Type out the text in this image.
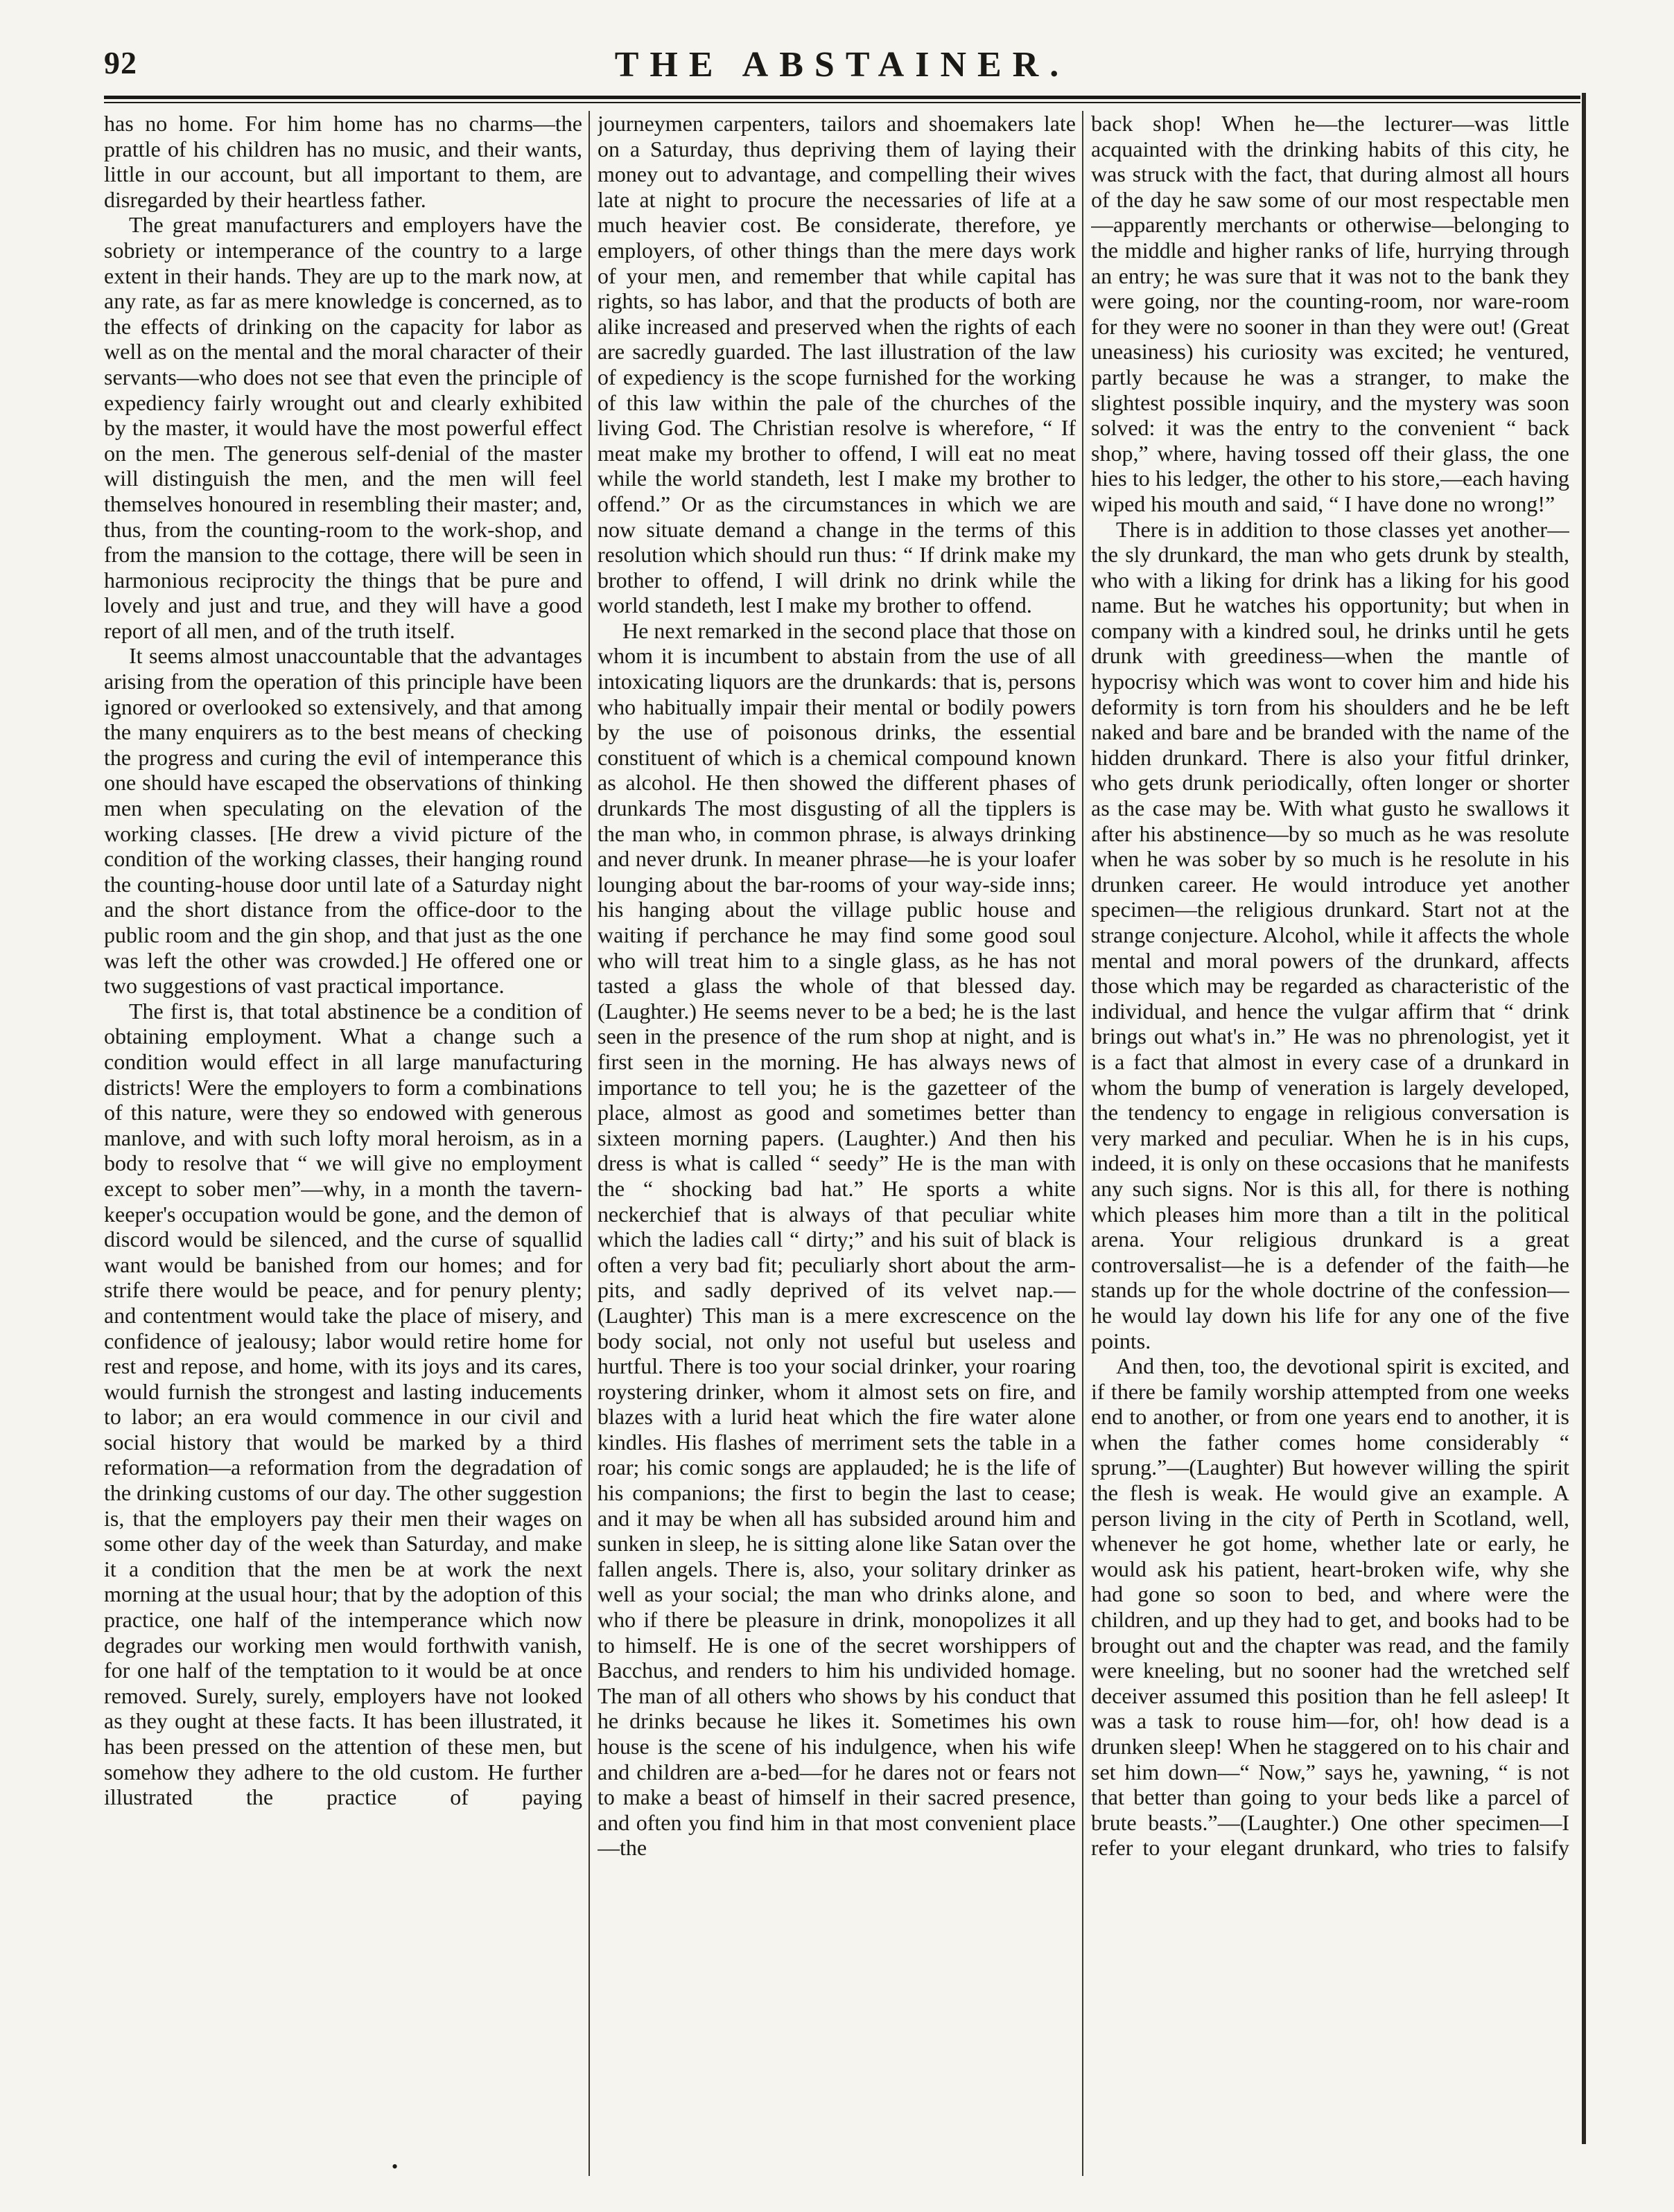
92	THE ABSTAINER.

has no home. For him home has no charms—the prattle of his children has no music, and their wants, little in our account, but all important to them, are disregarded by their heartless father.

The great manufacturers and employers have the sobriety or intemperance of the country to a large extent in their hands. They are up to the mark now, at any rate, as far as mere knowledge is concerned, as to the effects of drinking on the capacity for labor as well as on the mental and the moral character of their servants—who does not see that even the principle of expediency fairly wrought out and clearly exhibited by the master, it would have the most powerful effect on the men. The generous self-denial of the master will distinguish the men, and the men will feel themselves honoured in resembling their master; and, thus, from the counting-room to the work-shop, and from the mansion to the cottage, there will be seen in harmonious reciprocity the things that be pure and lovely and just and true, and they will have a good report of all men, and of the truth itself.

It seems almost unaccountable that the advantages arising from the operation of this principle have been ignored or overlooked so extensively, and that among the many enquirers as to the best means of checking the progress and curing the evil of intemperance this one should have escaped the observations of thinking men when speculating on the elevation of the working classes. [He drew a vivid picture of the condition of the working classes, their hanging round the counting-house door until late of a Saturday night and the short distance from the office-door to the public room and the gin shop, and that just as the one was left the other was crowded.] He offered one or two suggestions of vast practical importance.

The first is, that total abstinence be a condition of obtaining employment. What a change such a condition would effect in all large manufacturing districts! Were the employers to form a combinations of this nature, were they so endowed with generous manlove, and with such lofty moral heroism, as in a body to resolve that “ we will give no employment except to sober men”—why, in a month the tavern-keeper's occupation would be gone, and the demon of discord would be silenced, and the curse of squallid want would be banished from our homes; and for strife there would be peace, and for penury plenty; and contentment would take the place of misery, and confidence of jealousy; labor would retire home for rest and repose, and home, with its joys and its cares, would furnish the strongest and lasting inducements to labor; an era would commence in our civil and social history that would be marked by a third reformation—a reformation from the degradation of the drinking customs of our day. The other suggestion is, that the employers pay their men their wages on some other day of the week than Saturday, and make it a condition that the men be at work the next morning at the usual hour; that by the adoption of this practice, one half of the intemperance which now degrades our working men would forthwith vanish, for one half of the temptation to it would be at once removed. Surely, surely, employers have not looked as they ought at these facts. It has been illustrated, it has been pressed on the attention of these men, but somehow they adhere to the old custom. He further illustrated the practice of paying

journeymen carpenters, tailors and shoemakers late on a Saturday, thus depriving them of laying their money out to advantage, and compelling their wives late at night to procure the necessaries of life at a much heavier cost. Be considerate, therefore, ye employers, of other things than the mere days work of your men, and remember that while capital has rights, so has labor, and that the products of both are alike increased and preserved when the rights of each are sacredly guarded. The last illustration of the law of expediency is the scope furnished for the working of this law within the pale of the churches of the living God. The Christian resolve is wherefore, “ If meat make my brother to offend, I will eat no meat while the world standeth, lest I make my brother to offend.” Or as the circumstances in which we are now situate demand a change in the terms of this resolution which should run thus: “ If drink make my brother to offend, I will drink no drink while the world standeth, lest I make my brother to offend.

He next remarked in the second place that those on whom it is incumbent to abstain from the use of all intoxicating liquors are the drunkards: that is, persons who habitually impair their mental or bodily powers by the use of poisonous drinks, the essential constituent of which is a chemical compound known as alcohol. He then showed the different phases of drunkards The most disgusting of all the tipplers is the man who, in common phrase, is always drinking and never drunk. In meaner phrase—he is your loafer lounging about the bar-rooms of your way-side inns; his hanging about the village public house and waiting if perchance he may find some good soul who will treat him to a single glass, as he has not tasted a glass the whole of that blessed day. (Laughter.) He seems never to be a bed; he is the last seen in the presence of the rum shop at night, and is first seen in the morning. He has always news of importance to tell you; he is the gazetteer of the place, almost as good and sometimes better than sixteen morning papers. (Laughter.) And then his dress is what is called “ seedy” He is the man with the “ shocking bad hat.” He sports a white neckerchief that is always of that peculiar white which the ladies call “ dirty;” and his suit of black is often a very bad fit; peculiarly short about the arm-pits, and sadly deprived of its velvet nap.—(Laughter) This man is a mere excrescence on the body social, not only not useful but useless and hurtful. There is too your social drinker, your roaring roystering drinker, whom it almost sets on fire, and blazes with a lurid heat which the fire water alone kindles. His flashes of merriment sets the table in a roar; his comic songs are applauded; he is the life of his companions; the first to begin the last to cease; and it may be when all has subsided around him and sunken in sleep, he is sitting alone like Satan over the fallen angels. There is, also, your solitary drinker as well as your social; the man who drinks alone, and who if there be pleasure in drink, monopolizes it all to himself. He is one of the secret worshippers of Bacchus, and renders to him his undivided homage. The man of all others who shows by his conduct that he drinks because he likes it. Sometimes his own house is the scene of his indulgence, when his wife and children are a-bed—for he dares not or fears not to make a beast of himself in their sacred presence, and often you find him in that most convenient place—the

back shop! When he—the lecturer—was little acquainted with the drinking habits of this city, he was struck with the fact, that during almost all hours of the day he saw some of our most respectable men—apparently merchants or otherwise—belonging to the middle and higher ranks of life, hurrying through an entry; he was sure that it was not to the bank they were going, nor the counting-room, nor ware-room for they were no sooner in than they were out! (Great uneasiness) his curiosity was excited; he ventured, partly because he was a stranger, to make the slightest possible inquiry, and the mystery was soon solved: it was the entry to the convenient “ back shop,” where, having tossed off their glass, the one hies to his ledger, the other to his store,—each having wiped his mouth and said, “ I have done no wrong!”

There is in addition to those classes yet another—the sly drunkard, the man who gets drunk by stealth, who with a liking for drink has a liking for his good name. But he watches his opportunity; but when in company with a kindred soul, he drinks until he gets drunk with greediness—when the mantle of hypocrisy which was wont to cover him and hide his deformity is torn from his shoulders and he be left naked and bare and be branded with the name of the hidden drunkard. There is also your fitful drinker, who gets drunk periodically, often longer or shorter as the case may be. With what gusto he swallows it after his abstinence—by so much as he was resolute when he was sober by so much is he resolute in his drunken career. He would introduce yet another specimen—the religious drunkard. Start not at the strange conjecture. Alcohol, while it affects the whole mental and moral powers of the drunkard, affects those which may be regarded as characteristic of the individual, and hence the vulgar affirm that “ drink brings out what's in.” He was no phrenologist, yet it is a fact that almost in every case of a drunkard in whom the bump of veneration is largely developed, the tendency to engage in religious conversation is very marked and peculiar. When he is in his cups, indeed, it is only on these occasions that he manifests any such signs. Nor is this all, for there is nothing which pleases him more than a tilt in the political arena. Your religious drunkard is a great controversalist—he is a defender of the faith—he stands up for the whole doctrine of the confession—he would lay down his life for any one of the five points.

And then, too, the devotional spirit is excited, and if there be family worship attempted from one weeks end to another, or from one years end to another, it is when the father comes home considerably “ sprung.”—(Laughter) But however willing the spirit the flesh is weak. He would give an example. A person living in the city of Perth in Scotland, well, whenever he got home, whether late or early, he would ask his patient, heart-broken wife, why she had gone so soon to bed, and where were the children, and up they had to get, and books had to be brought out and the chapter was read, and the family were kneeling, but no sooner had the wretched self deceiver assumed this position than he fell asleep! It was a task to rouse him—for, oh! how dead is a drunken sleep! When he staggered on to his chair and set him down—“ Now,” says he, yawning, “ is not that better than going to your beds like a parcel of brute beasts.”—(Laughter.) One other specimen—I refer to your elegant drunkard, who tries to falsify

•
